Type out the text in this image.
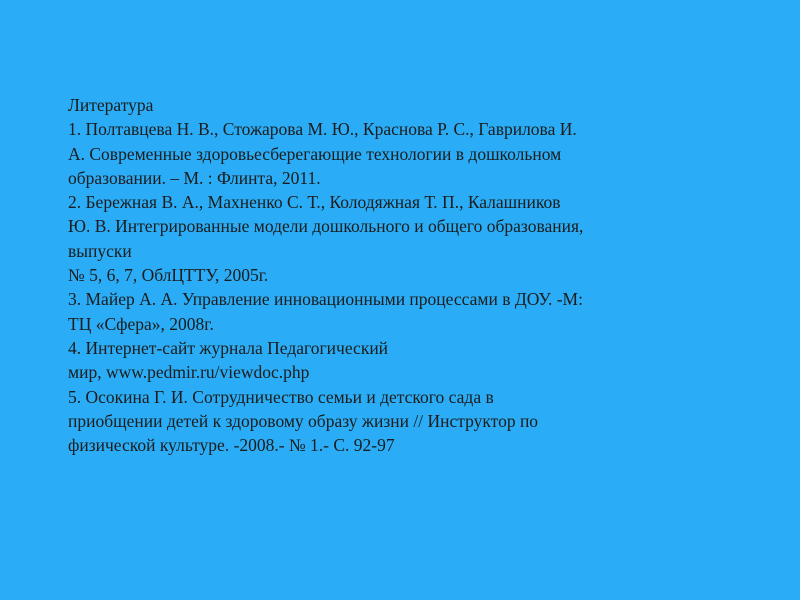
Литература
1. Полтавцева Н. В., Стожарова М. Ю., Краснова Р. С., Гаврилова И.
А. Современные здоровьесберегающие технологии в дошкольном
образовании. – М. : Флинта, 2011.
2. Бережная В. А., Махненко С. Т., Колодяжная Т. П., Калашников
Ю. В. Интегрированные модели дошкольного и общего образования,
выпуски
№ 5, 6, 7, ОблЦТТУ, 2005г.
3. Майер А. А. Управление инновационными процессами в ДОУ. -М:
ТЦ «Сфера», 2008г.
4. Интернет-сайт журнала Педагогический
мир, www.pedmir.ru/viewdoc.php
5. Осокина Г. И. Сотрудничество семьи и детского сада в
приобщении детей к здоровому образу жизни // Инструктор по
физической культуре. -2008.- № 1.- С. 92-97
